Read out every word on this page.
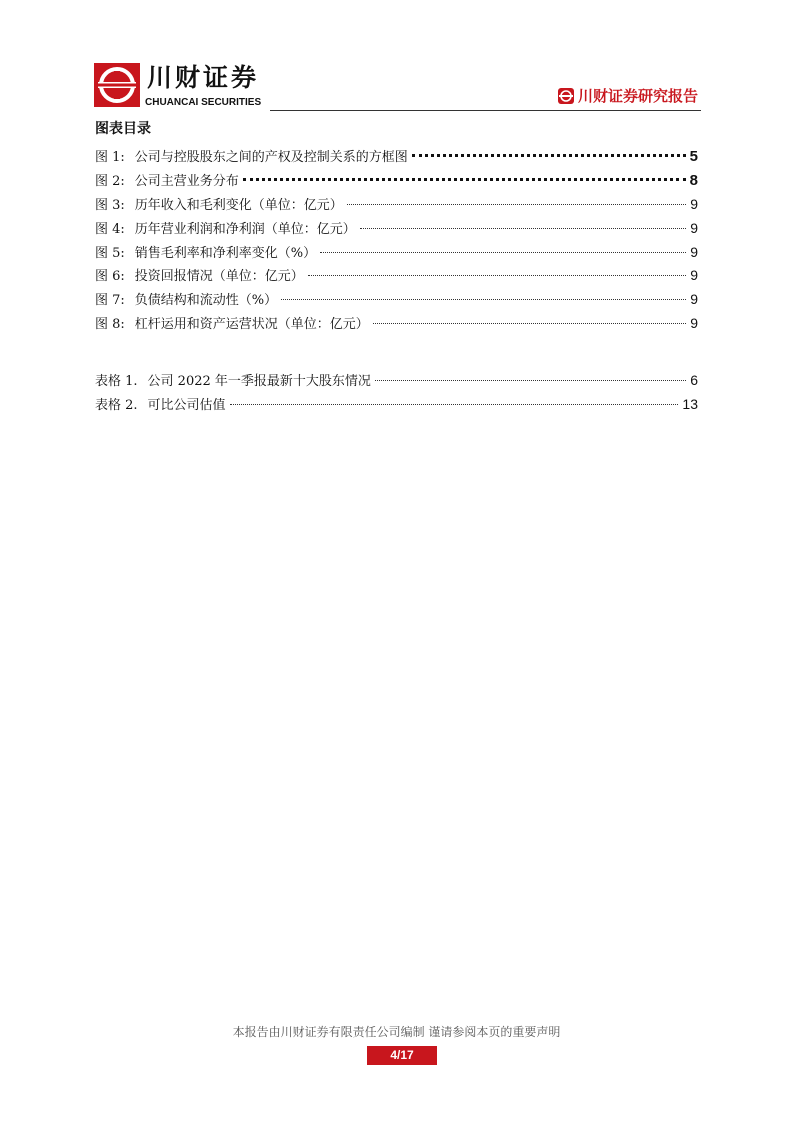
川财证券
CHUANCAI SECURITIES	川财证券研究报告
图表目录
图 1: 公司与控股股东之间的产权及控制关系的方框图	5
图 2: 公司主营业务分布	8
图 3: 历年收入和毛利变化（单位：亿元）	9
图 4: 历年营业利润和净利润（单位：亿元）	9
图 5: 销售毛利率和净利率变化（%）	9
图 6: 投资回报情况（单位：亿元）	9
图 7: 负债结构和流动性（%）	9
图 8: 杠杆运用和资产运营状况（单位：亿元）	9
表格 1. 公司 2022 年一季报最新十大股东情况	6
表格 2. 可比公司估值	13
本报告由川财证券有限责任公司编制 谨请参阅本页的重要声明
4/17
